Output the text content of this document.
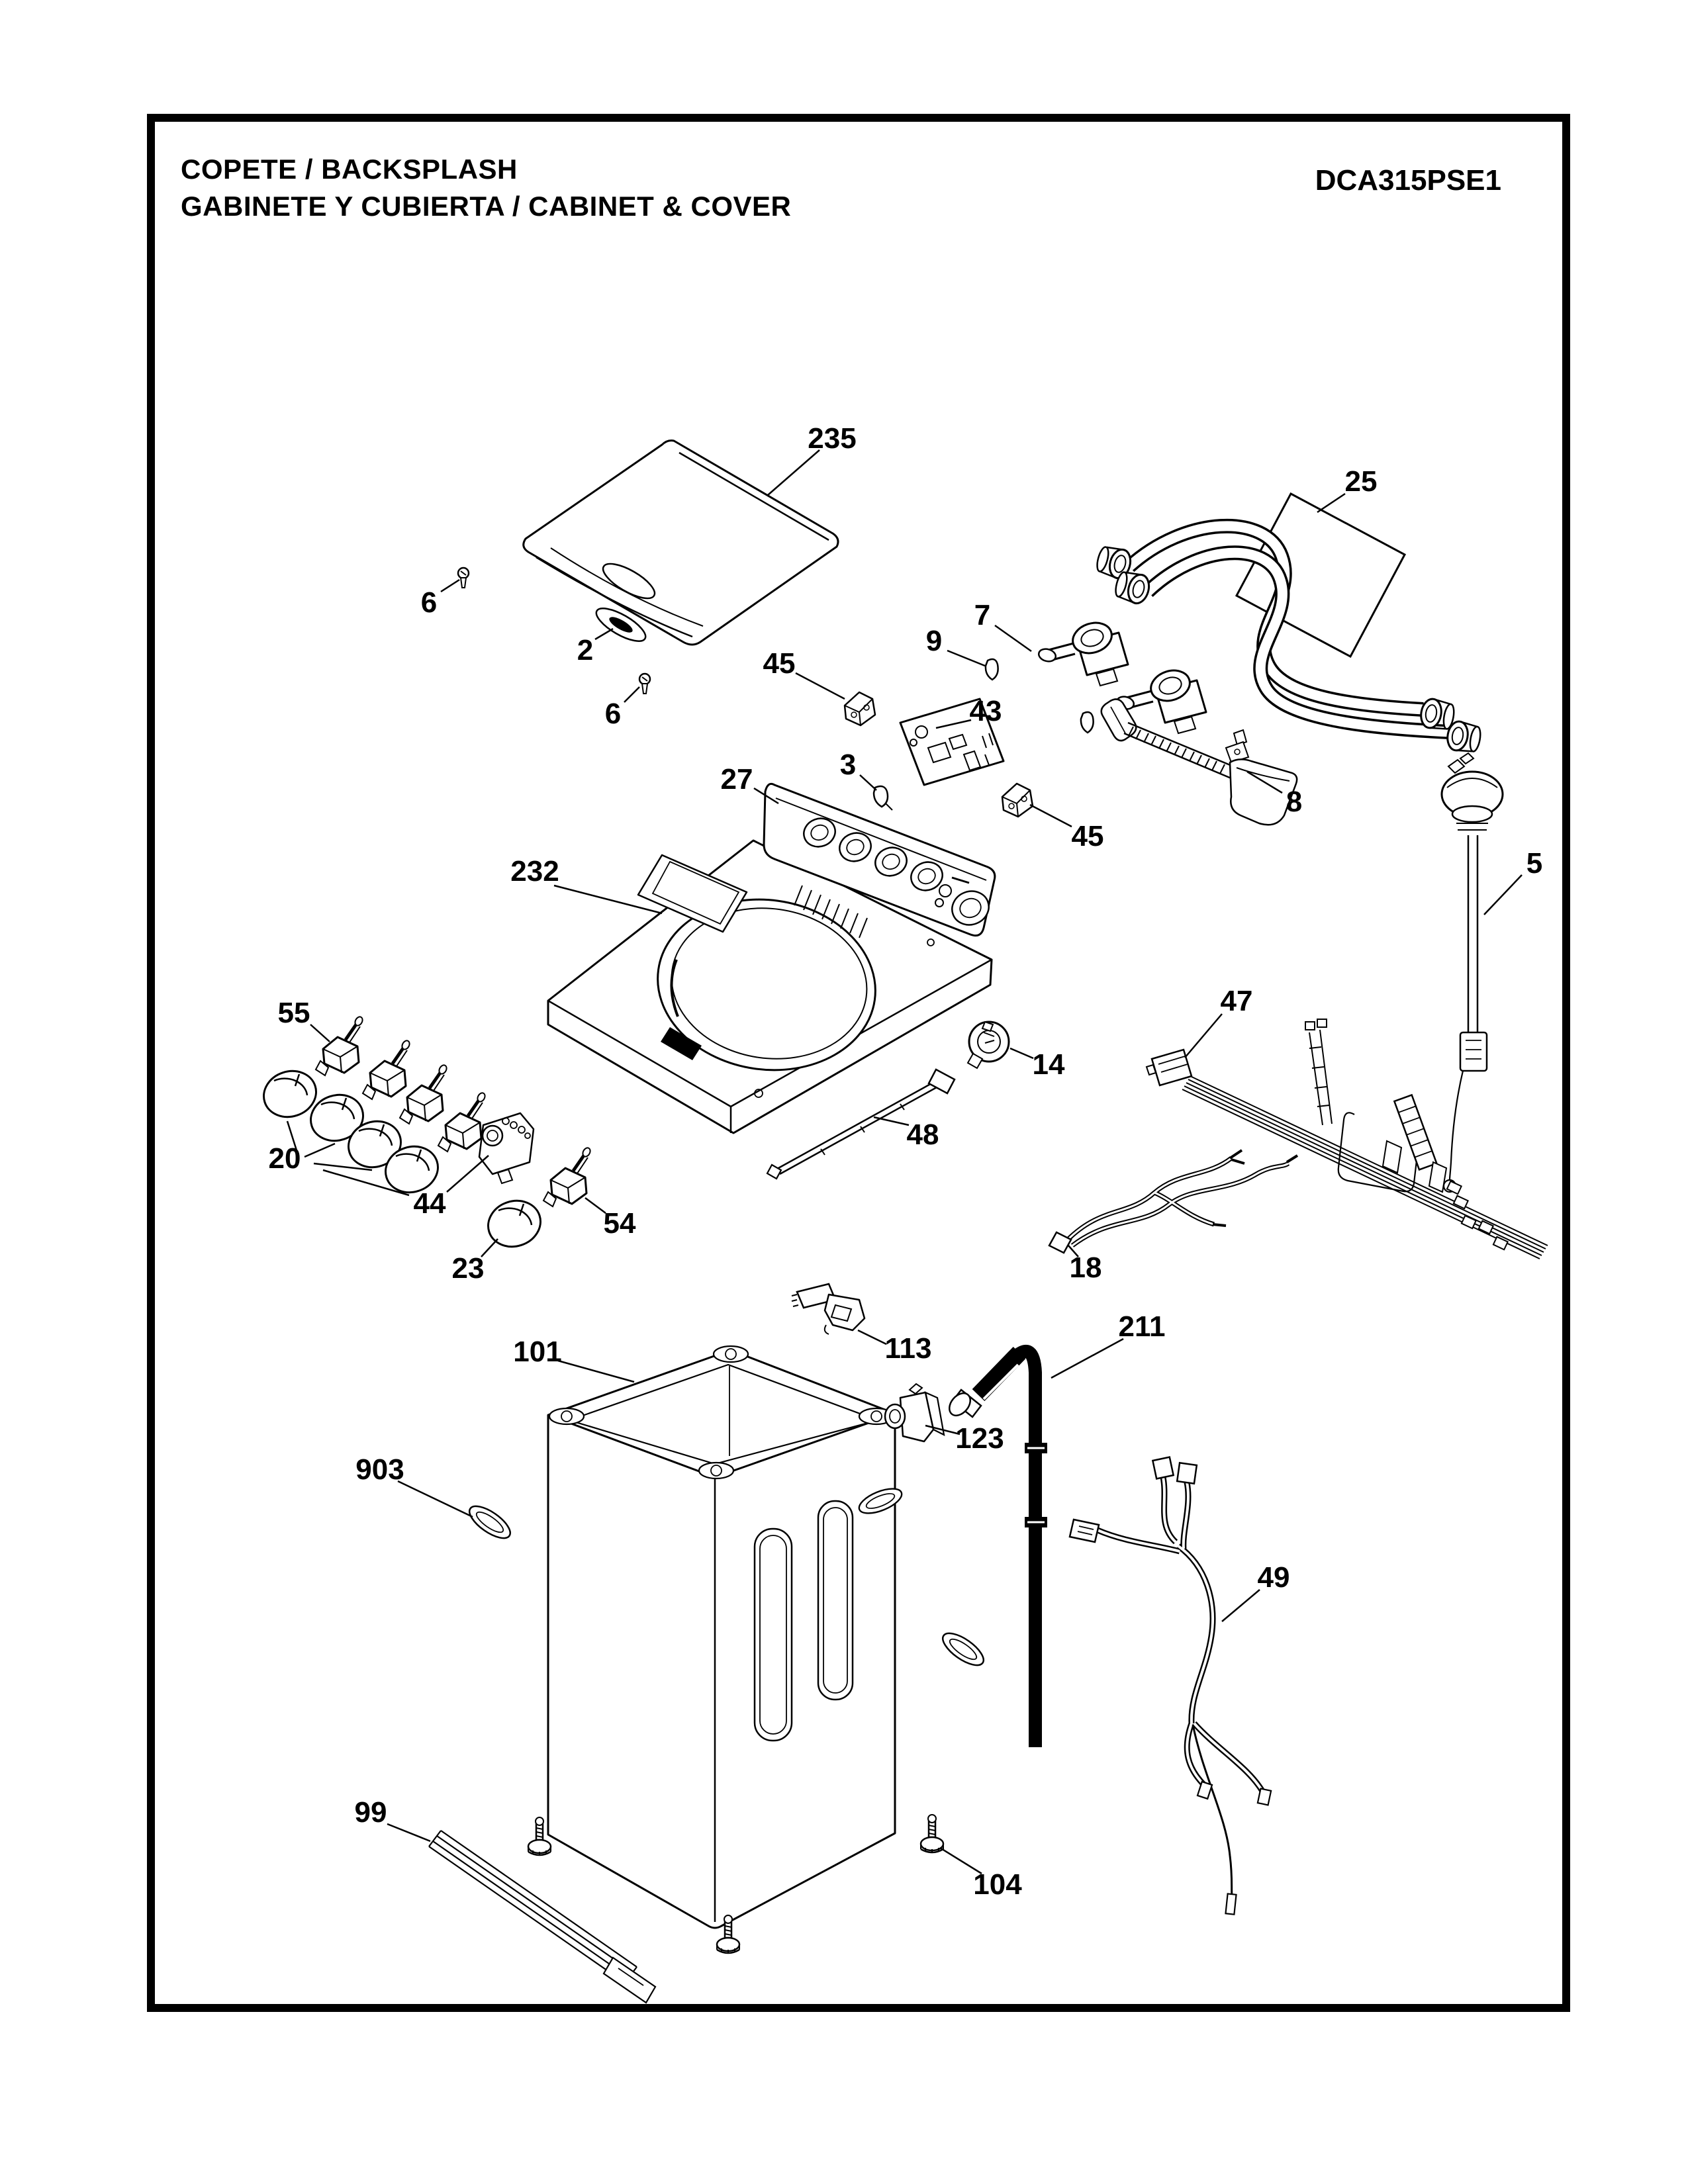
COPETE / BACKSPLASH
GABINETE Y CUBIERTA / CABINET & COVER
DCA315PSE1
235
25
6
2	45
6
7
9
43
27	3
8
45
5
232
47
55
14
48
20
44
54
23	18
113
101
211
123
903
49
99
104
